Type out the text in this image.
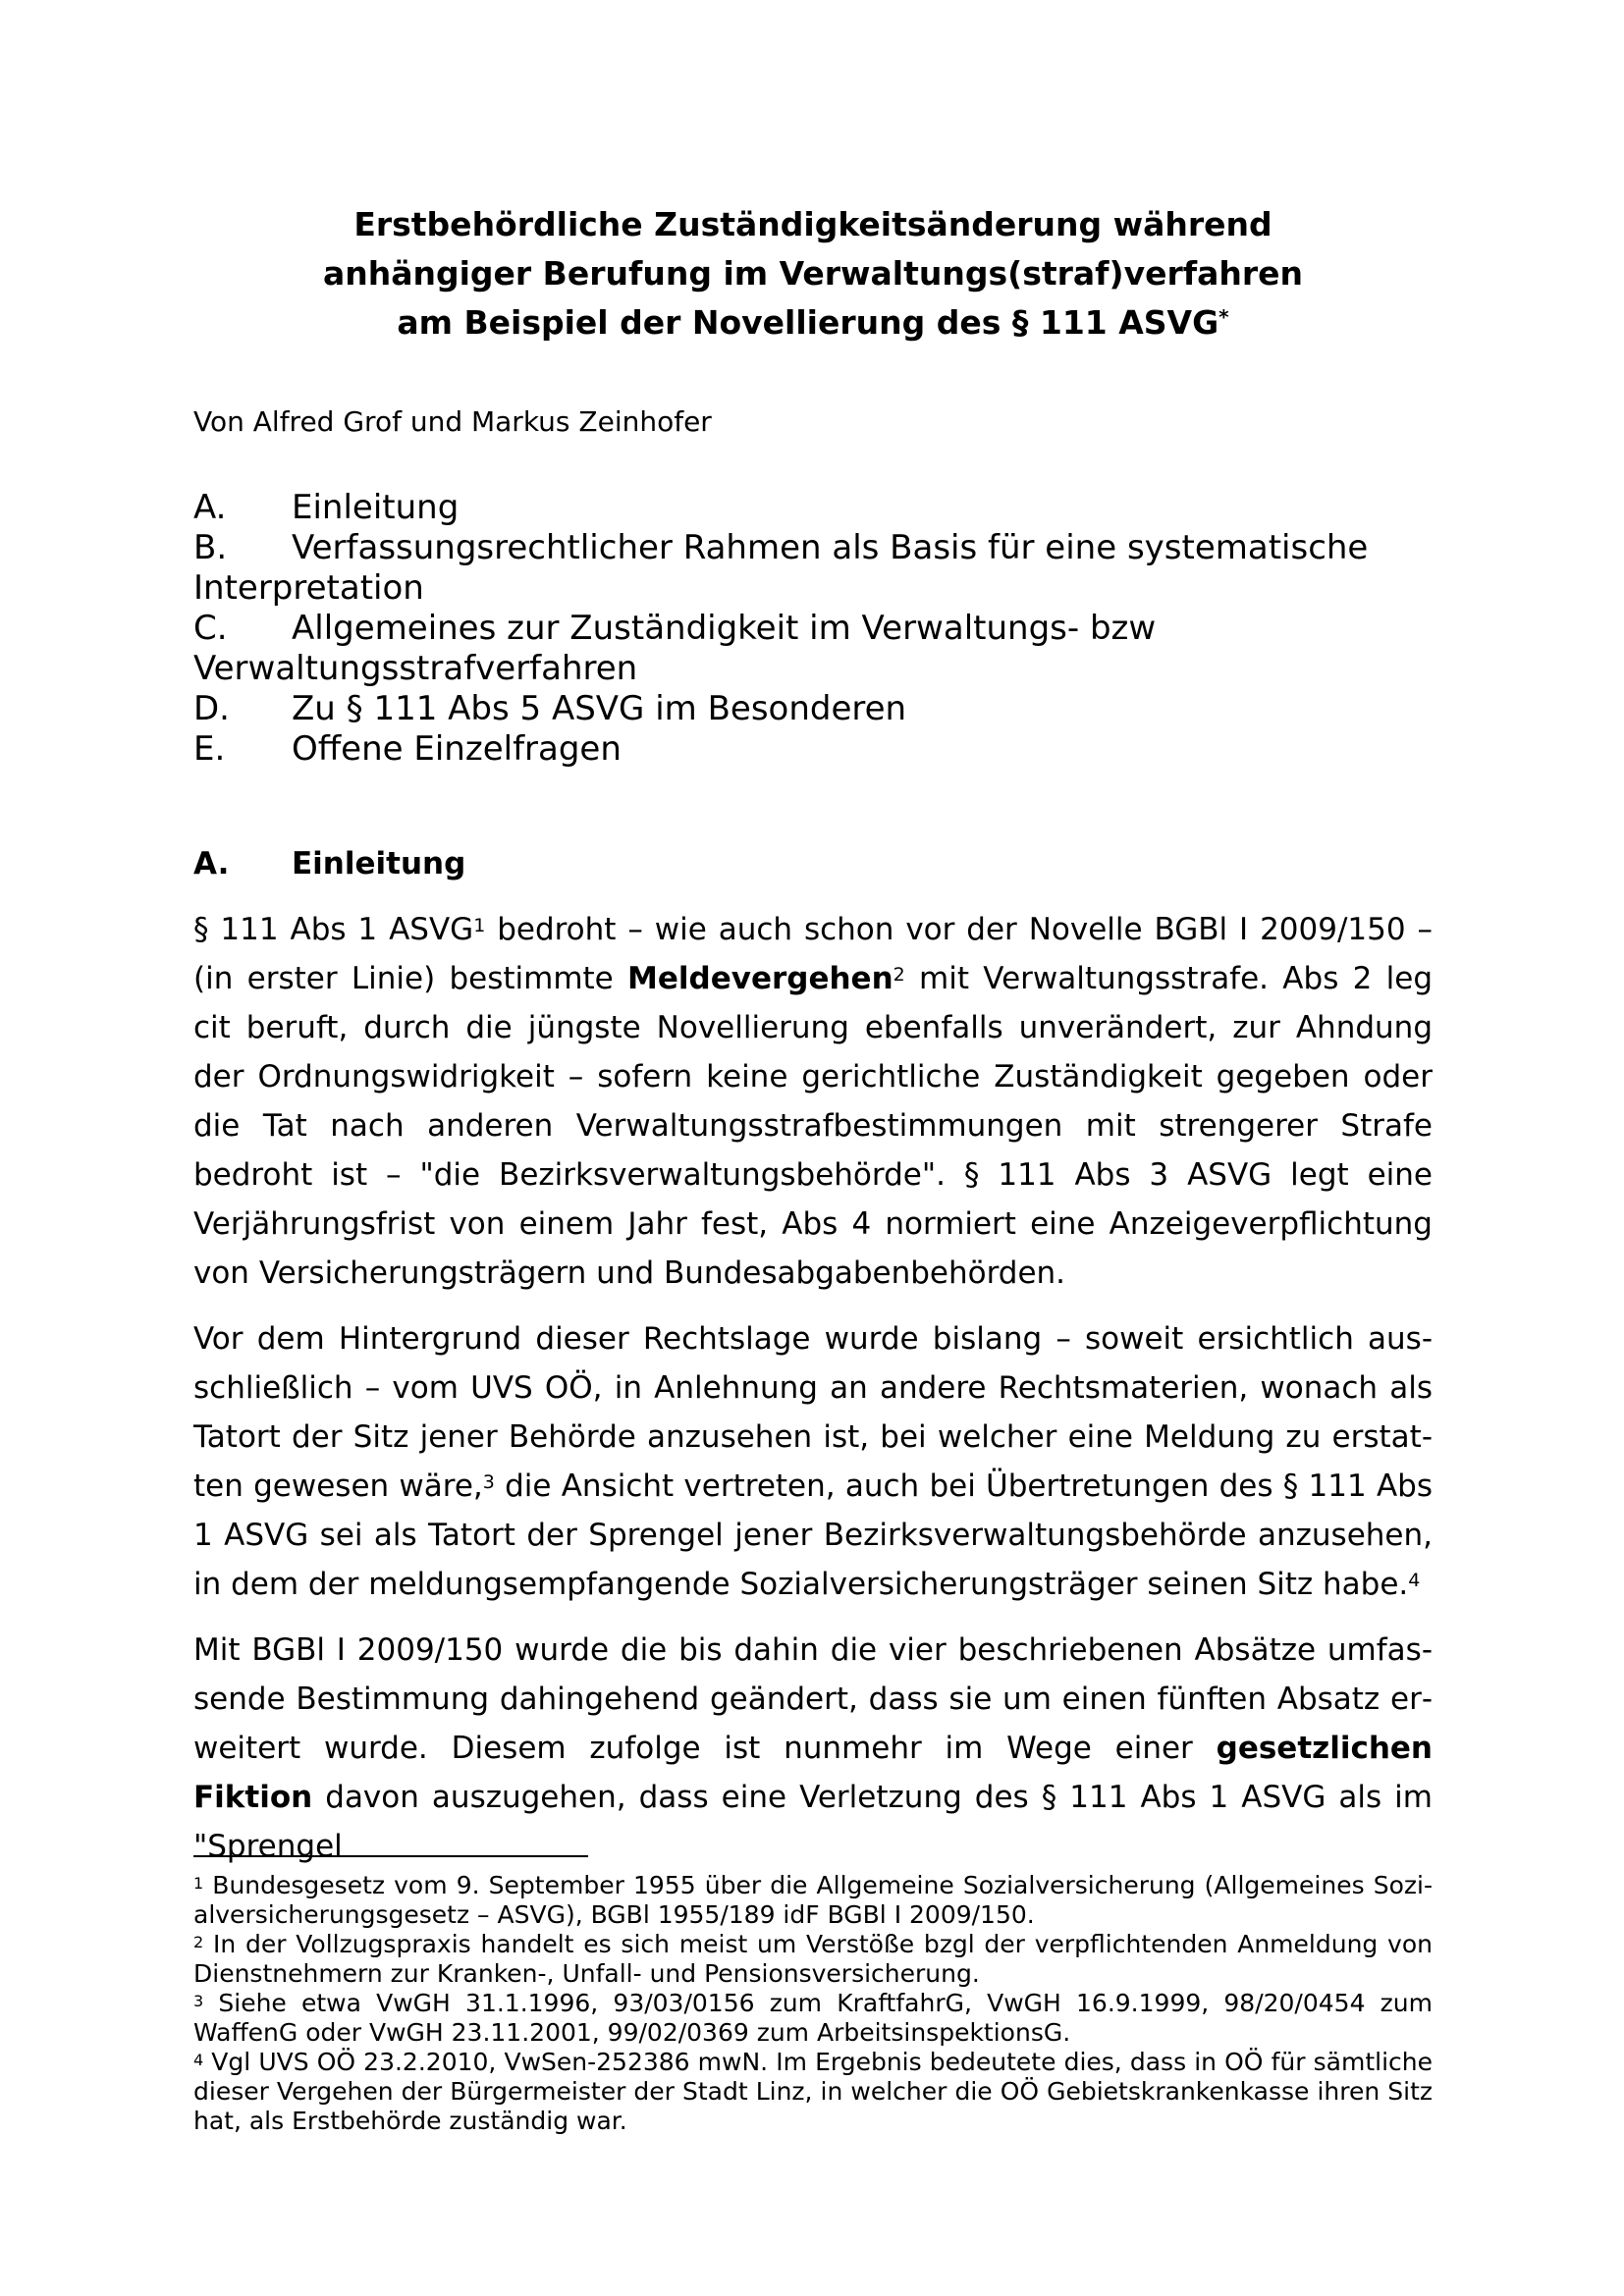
Erstbehördliche Zuständigkeitsänderung während
anhängiger Berufung im Verwaltungs(straf)verfahren
am Beispiel der Novellierung des § 111 ASVG*
Von Alfred Grof und Markus Zeinhofer
A. Einleitung
B. Verfassungsrechtlicher Rahmen als Basis für eine systematische Interpretation
C. Allgemeines zur Zuständigkeit im Verwaltungs- bzw Verwaltungsstrafverfahren
D. Zu § 111 Abs 5 ASVG im Besonderen
E. Offene Einzelfragen
A. Einleitung

§ 111 Abs 1 ASVG$^1$ bedroht – wie auch schon vor der Novelle BGBl I 2009/150 – (in erster Linie) bestimmte Meldevergehen$^2$ mit Verwaltungsstrafe. Abs 2 leg cit beruft, durch die jüngste Novellierung ebenfalls unverändert, zur Ahndung der Ordnungswidrigkeit – sofern keine gerichtliche Zuständigkeit gegeben oder die Tat nach anderen Verwaltungsstrafbestimmungen mit strengerer Strafe bedroht ist – "die Bezirksverwaltungsbehörde". § 111 Abs 3 ASVG legt eine Verjährungsfrist von einem Jahr fest, Abs 4 normiert eine Anzeigeverpflichtung von Versicherungsträgern und Bundesabgabenbehörden.

Vor dem Hintergrund dieser Rechtslage wurde bislang – soweit ersichtlich ausschließlich – vom UVS OÖ, in Anlehnung an andere Rechtsmaterien, wonach als Tatort der Sitz jener Behörde anzusehen ist, bei welcher eine Meldung zu erstatten gewesen wäre,$^3$ die Ansicht vertreten, auch bei Übertretungen des § 111 Abs 1 ASVG sei als Tatort der Sprengel jener Bezirksverwaltungsbehörde anzusehen, in dem der meldungsempfangende Sozialversicherungsträger seinen Sitz habe.$^4$

Mit BGBl I 2009/150 wurde die bis dahin die vier beschriebenen Absätze umfassende Bestimmung dahingehend geändert, dass sie um einen fünften Absatz erweitert wurde. Diesem zufolge ist nunmehr im Wege einer gesetzlichen Fiktion davon auszugehen, dass eine Verletzung des § 111 Abs 1 ASVG als im "Sprengel

$^1$ Bundesgesetz vom 9. September 1955 über die Allgemeine Sozialversicherung (Allgemeines Sozialversicherungsgesetz – ASVG), BGBl 1955/189 idF BGBl I 2009/150.

$^2$ In der Vollzugspraxis handelt es sich meist um Verstöße bzgl der verpflichtenden Anmeldung von Dienstnehmern zur Kranken-, Unfall- und Pensionsversicherung.

$^3$ Siehe etwa VwGH 31.1.1996, 93/03/0156 zum KraftfahrG, VwGH 16.9.1999, 98/20/0454 zum WaffenG oder VwGH 23.11.2001, 99/02/0369 zum ArbeitsinspektionsG.

$^4$ Vgl UVS OÖ 23.2.2010, VwSen-252386 mwN. Im Ergebnis bedeutete dies, dass in OÖ für sämtliche dieser Vergehen der Bürgermeister der Stadt Linz, in welcher die OÖ Gebietskrankenkasse ihren Sitz hat, als Erstbehörde zuständig war.
